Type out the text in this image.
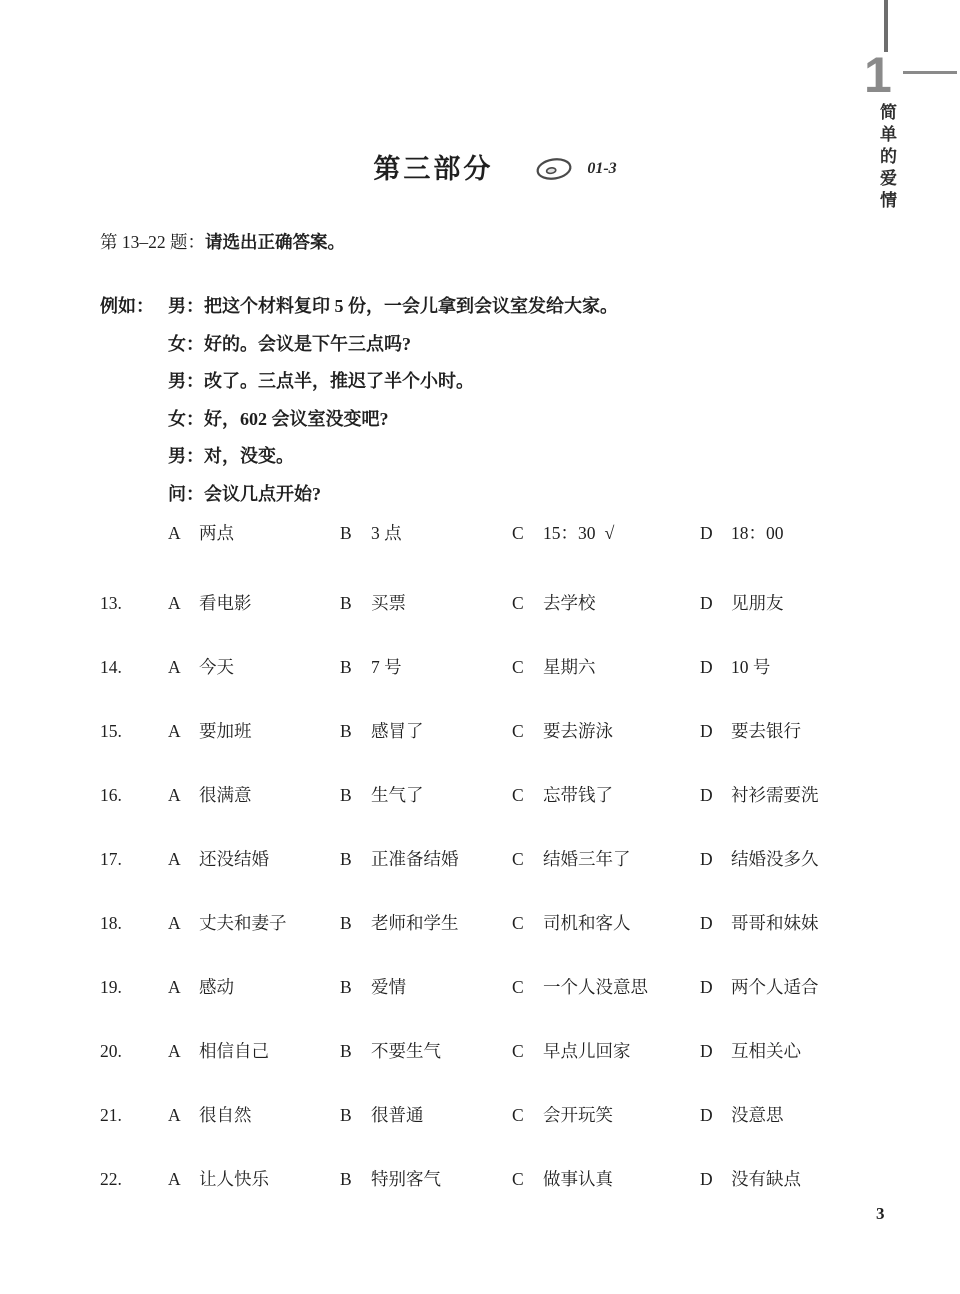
1
简单的爱情
第三部分	01-3

第 13–22 题：请选出正确答案。

例如： 男：把这个材料复印 5 份，一会儿拿到会议室发给大家。
女：好的。会议是下午三点吗?
男：改了。三点半，推迟了半个小时。
女：好，602 会议室没变吧?
男：对，没变。
问：会议几点开始?
A 两点	B 3 点	C 15：30 √	D 18：00
13.	A 看电影	B 买票	C 去学校	D 见朋友
14.	A 今天	B 7 号	C 星期六	D 10 号
15.	A 要加班	B 感冒了	C 要去游泳	D 要去银行
16.	A 很满意	B 生气了	C 忘带钱了	D 衬衫需要洗
17.	A 还没结婚	B 正准备结婚	C 结婚三年了	D 结婚没多久
18.	A 丈夫和妻子	B 老师和学生	C 司机和客人	D 哥哥和妹妹
19.	A 感动	B 爱情	C 一个人没意思	D 两个人适合
20.	A 相信自己	B 不要生气	C 早点儿回家	D 互相关心
21.	A 很自然	B 很普通	C 会开玩笑	D 没意思
22.	A 让人快乐	B 特别客气	C 做事认真	D 没有缺点
3
